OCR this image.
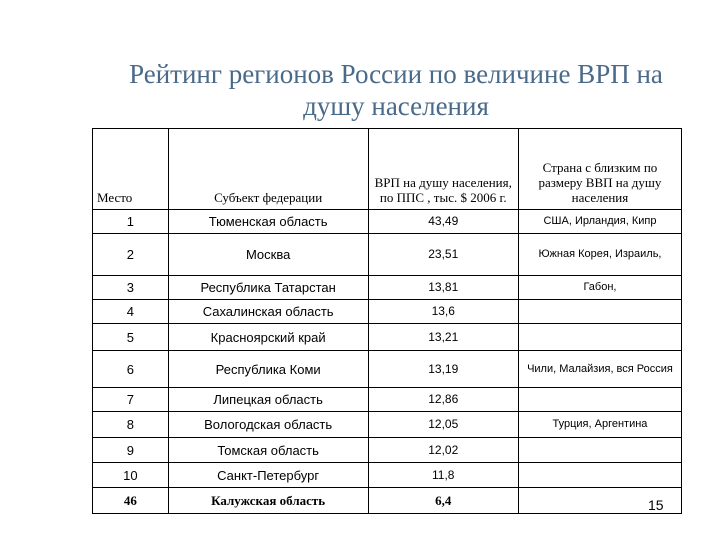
Рейтинг регионов России по величине ВРП на
душу населения
Место	Субъект федерации	ВРП на душу населения, по ППС , тыс. $ 2006 г.	Страна с близким по размеру ВВП на душу населения
1	Тюменская область	43,49	США, Ирландия, Кипр
2	Москва	23,51	Южная Корея, Израиль,
3	Республика Татарстан	13,81	Габон,
4	Сахалинская область	13,6	
5	Красноярский край	13,21	
6	Республика Коми	13,19	Чили, Малайзия, вся Россия
7	Липецкая область	12,86	
8	Вологодская область	12,05	Турция, Аргентина
9	Томская область	12,02	
10	Санкт-Петербург	11,8	
46	Калужская область	6,4		15
